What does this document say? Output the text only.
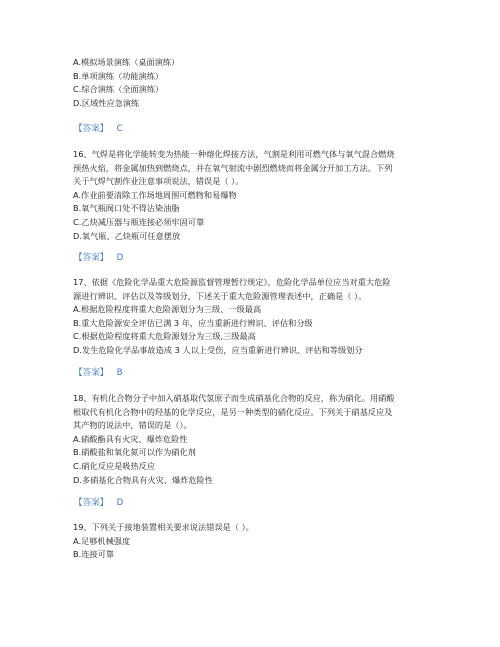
A.模拟场景演练（桌面演练）
B.单项演练（功能演练）
C.综合演练（全面演练）
D.区域性应急演练
【答案】   C
16、气焊是将化学能转变为热能一种熔化焊接方法，气割是利用可燃气体与氧气混合燃烧
预热火焰，将金属加热到燃烧点，并在氧气射流中剧烈燃烧而将金属分开加工方法。下列
关于气焊气割作业注意事项说法，错误是（ ）。
A.作业前要清除工作场地周围可燃物和易爆物
B.氧气瓶阀口处不得沾染油脂
C.乙炔减压器与瓶连接必须牢固可靠
D.氧气瓶、乙炔瓶可任意摆放
【答案】   D
17、依据《危险化学品重大危险源监督管理暂行规定》，危险化学品单位应当对重大危险
源进行辨识、评估以及等级划分，下述关于重大危险源管理表述中，正确是（ ）。
A.根据危险程度将重大危险源划分为三级、一级最高
B.重大危险源安全评估已满 3 年，应当重新进行辨识、评估和分级
C.根据危险程度将重大危险源划分为三级,三级最高
D.发生危险化学品事故造成 3 人以上受伤，应当重新进行辨识、评估和等级划分
【答案】   B
18、有机化合物分子中加入硝基取代氢原子而生成硝基化合物的反应，称为硝化。用硝酸
根取代有机化合物中的羟基的化学反应，是另一种类型的硝化反应。下列关于硝基反应及
其产物的说法中，错误的是（）。
A.硝酸酯具有火灾、爆炸危险性
B.硝酸盐和氧化氮可以作为硝化剂
C.硝化反应是吸热反应
D.多硝基化合物具有火灾、爆炸危险性
【答案】   D
19、下列关于接地装置相关要求说法错误是（ ）。
A.足够机械强度
B.连接可靠
